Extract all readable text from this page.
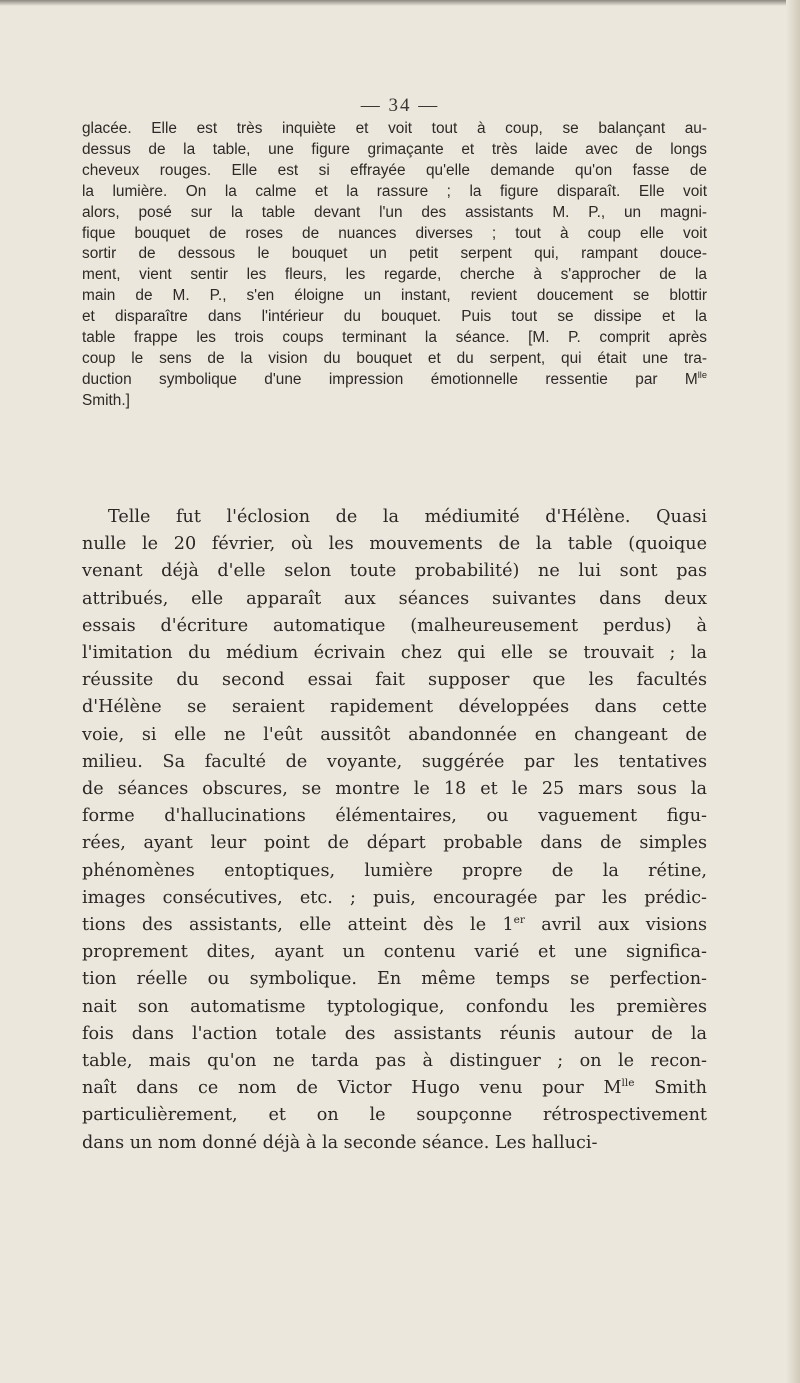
— 34 —
glacée. Elle est très inquiète et voit tout à coup, se balançant au-
dessus de la table, une figure grimaçante et très laide avec de longs
cheveux rouges. Elle est si effrayée qu'elle demande qu'on fasse de
la lumière. On la calme et la rassure ; la figure disparaît. Elle voit
alors, posé sur la table devant l'un des assistants M. P., un magni-
fique bouquet de roses de nuances diverses ; tout à coup elle voit
sortir de dessous le bouquet un petit serpent qui, rampant douce-
ment, vient sentir les fleurs, les regarde, cherche à s'approcher de la
main de M. P., s'en éloigne un instant, revient doucement se blottir
et disparaître dans l'intérieur du bouquet. Puis tout se dissipe et la
table frappe les trois coups terminant la séance. [M. P. comprit après
coup le sens de la vision du bouquet et du serpent, qui était une tra-
duction symbolique d'une impression émotionnelle ressentie par $M^{lle}$
Smith.]
Telle fut l'éclosion de la médiumité d'Hélène. Quasi
nulle le 20 février, où les mouvements de la table (quoique
venant déjà d'elle selon toute probabilité) ne lui sont pas
attribués, elle apparaît aux séances suivantes dans deux
essais d'écriture automatique (malheureusement perdus) à
l'imitation du médium écrivain chez qui elle se trouvait ; la
réussite du second essai fait supposer que les facultés
d'Hélène se seraient rapidement développées dans cette
voie, si elle ne l'eût aussitôt abandonnée en changeant de
milieu. Sa faculté de voyante, suggérée par les tentatives
de séances obscures, se montre le 18 et le 25 mars sous la
forme d'hallucinations élémentaires, ou vaguement figu-
rées, ayant leur point de départ probable dans de simples
phénomènes entoptiques, lumière propre de la rétine,
images consécutives, etc. ; puis, encouragée par les prédic-
tions des assistants, elle atteint dès le 1er avril aux visions
proprement dites, ayant un contenu varié et une significa-
tion réelle ou symbolique. En même temps se perfection-
nait son automatisme typtologique, confondu les premières
fois dans l'action totale des assistants réunis autour de la
table, mais qu'on ne tarda pas à distinguer ; on le recon-
naît dans ce nom de Victor Hugo venu pour $M^{lle}$ Smith
particulièrement, et on le soupçonne rétrospectivement
dans un nom donné déjà à la seconde séance. Les halluci-
